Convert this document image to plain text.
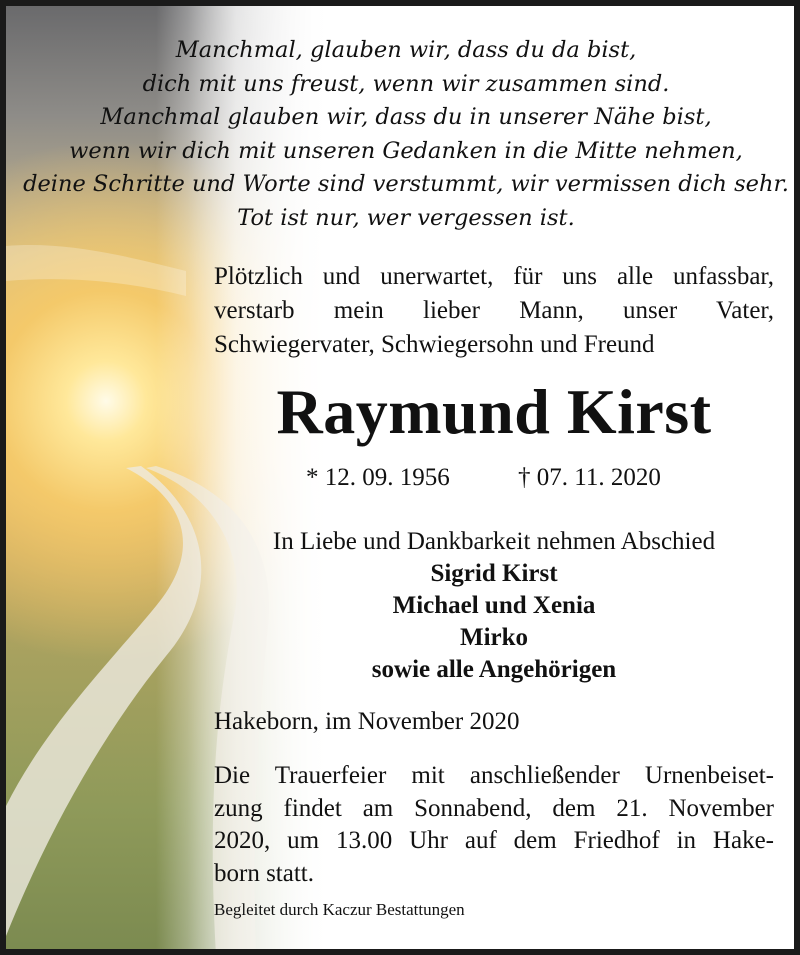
Manchmal, glauben wir, dass du da bist,
dich mit uns freust, wenn wir zusammen sind.
Manchmal glauben wir, dass du in unserer Nähe bist,
wenn wir dich mit unseren Gedanken in die Mitte nehmen,
deine Schritte und Worte sind verstummt, wir vermissen dich sehr.
Tot ist nur, wer vergessen ist.
Plötzlich und unerwartet, für uns alle unfassbar,
verstarb mein lieber Mann, unser Vater,
Schwiegervater, Schwiegersohn und Freund
Raymund Kirst
* 12. 09. 1956	† 07. 11. 2020
In Liebe und Dankbarkeit nehmen Abschied
Sigrid Kirst
Michael und Xenia
Mirko
sowie alle Angehörigen
Hakeborn, im November 2020
Die Trauerfeier mit anschließender Urnenbeiset-
zung findet am Sonnabend, dem 21. November
2020, um 13.00 Uhr auf dem Friedhof in Hake-
born statt.
Begleitet durch Kaczur Bestattungen
